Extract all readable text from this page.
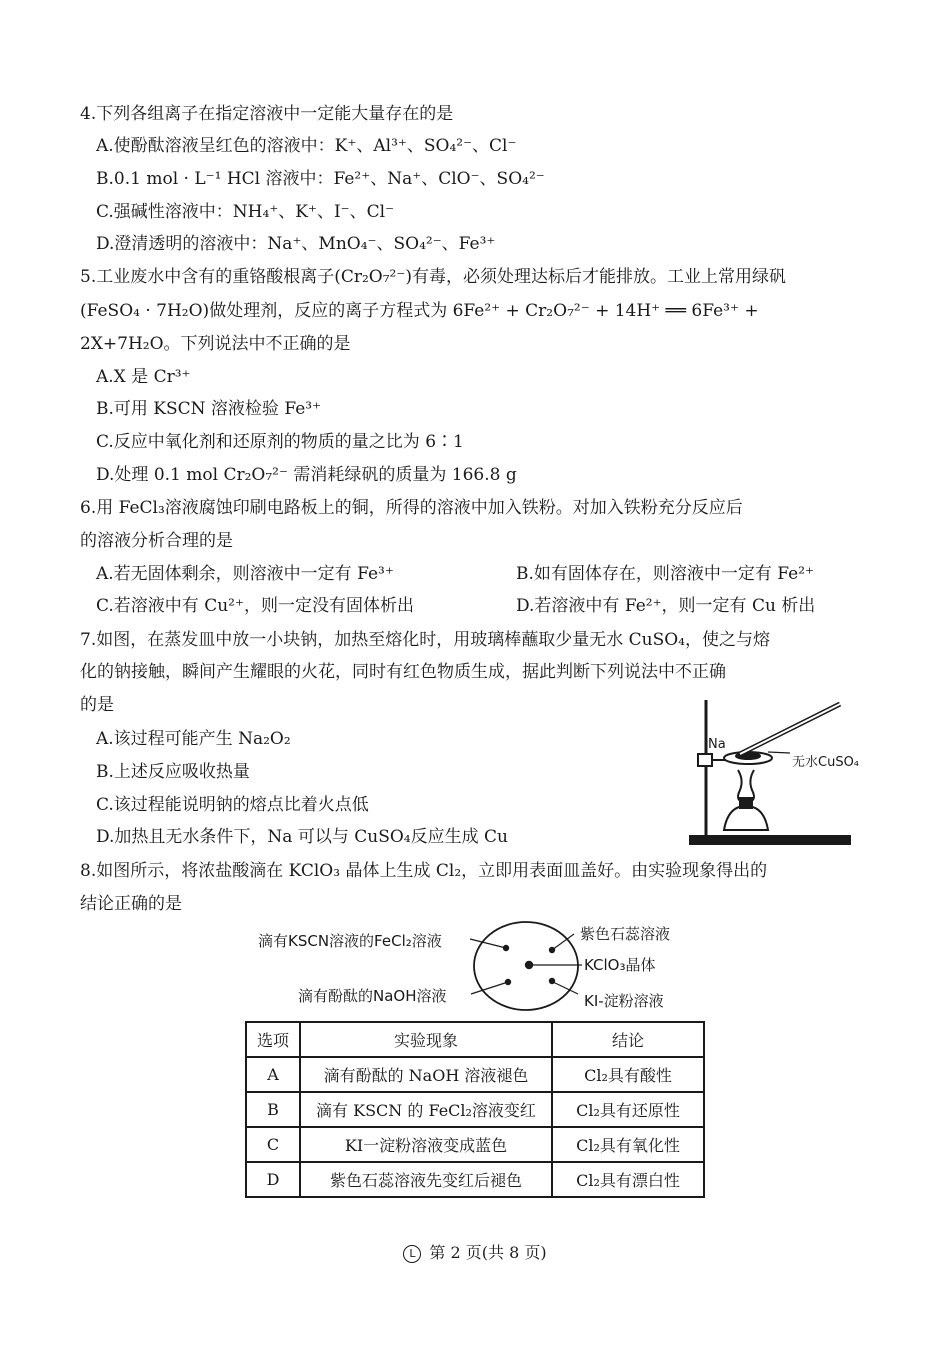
4.下列各组离子在指定溶液中一定能大量存在的是
A.使酚酞溶液呈红色的溶液中：K⁺、Al³⁺、SO₄²⁻、Cl⁻
B.0.1 mol · L⁻¹ HCl 溶液中：Fe²⁺、Na⁺、ClO⁻、SO₄²⁻
C.强碱性溶液中：NH₄⁺、K⁺、I⁻、Cl⁻
D.澄清透明的溶液中：Na⁺、MnO₄⁻、SO₄²⁻、Fe³⁺
5.工业废水中含有的重铬酸根离子(Cr₂O₇²⁻)有毒，必须处理达标后才能排放。工业上常用绿矾
(FeSO₄ · 7H₂O)做处理剂，反应的离子方程式为 6Fe²⁺ + Cr₂O₇²⁻ + 14H⁺ ══ 6Fe³⁺ +
2X+7H₂O。下列说法中不正确的是
A.X 是 Cr³⁺
B.可用 KSCN 溶液检验 Fe³⁺
C.反应中氧化剂和还原剂的物质的量之比为 6∶1
D.处理 0.1 mol Cr₂O₇²⁻ 需消耗绿矾的质量为 166.8 g
6.用 FeCl₃溶液腐蚀印刷电路板上的铜，所得的溶液中加入铁粉。对加入铁粉充分反应后
的溶液分析合理的是
A.若无固体剩余，则溶液中一定有 Fe³⁺	B.如有固体存在，则溶液中一定有 Fe²⁺
C.若溶液中有 Cu²⁺，则一定没有固体析出	D.若溶液中有 Fe²⁺，则一定有 Cu 析出
7.如图，在蒸发皿中放一小块钠，加热至熔化时，用玻璃棒蘸取少量无水 CuSO₄，使之与熔
化的钠接触，瞬间产生耀眼的火花，同时有红色物质生成，据此判断下列说法中不正确
的是
A.该过程可能产生 Na₂O₂
B.上述反应吸收热量
C.该过程能说明钠的熔点比着火点低
D.加热且无水条件下，Na 可以与 CuSO₄反应生成 Cu
Na
无水CuSO₄
8.如图所示，将浓盐酸滴在 KClO₃ 晶体上生成 Cl₂，立即用表面皿盖好。由实验现象得出的
结论正确的是
滴有KSCN溶液的FeCl₂溶液
滴有酚酞的NaOH溶液
紫色石蕊溶液
KClO₃晶体
KI-淀粉溶液
选项	实验现象	结论
A	滴有酚酞的 NaOH 溶液褪色	Cl₂具有酸性
B	滴有 KSCN 的 FeCl₂溶液变红	Cl₂具有还原性
C	KI一淀粉溶液变成蓝色	Cl₂具有氧化性
D	紫色石蕊溶液先变红后褪色	Cl₂具有漂白性
L 第 2 页(共 8 页)
